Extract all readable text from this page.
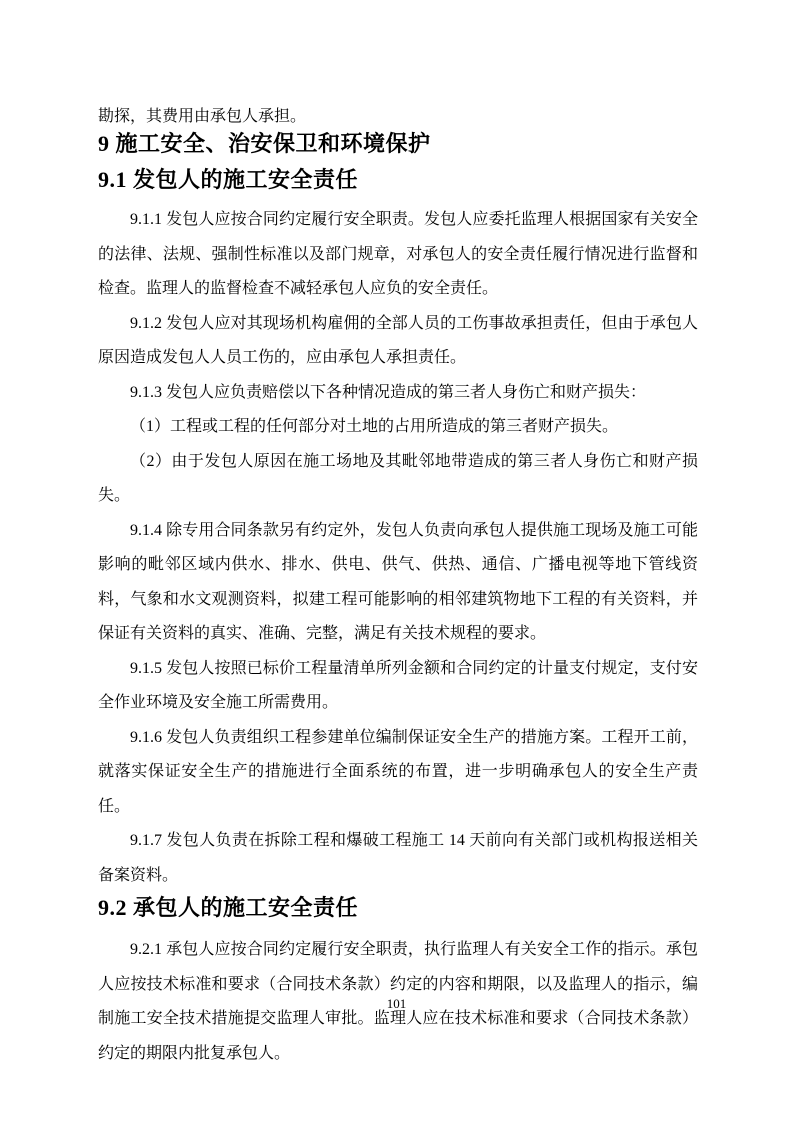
勘探，其费用由承包人承担。

9 施工安全、治安保卫和环境保护
9.1 发包人的施工安全责任

9.1.1 发包人应按合同约定履行安全职责。发包人应委托监理人根据国家有关安全的法律、法规、强制性标准以及部门规章，对承包人的安全责任履行情况进行监督和检查。监理人的监督检查不减轻承包人应负的安全责任。

9.1.2 发包人应对其现场机构雇佣的全部人员的工伤事故承担责任，但由于承包人原因造成发包人人员工伤的，应由承包人承担责任。

9.1.3 发包人应负责赔偿以下各种情况造成的第三者人身伤亡和财产损失：

（1）工程或工程的任何部分对土地的占用所造成的第三者财产损失。

（2）由于发包人原因在施工场地及其毗邻地带造成的第三者人身伤亡和财产损失。

9.1.4 除专用合同条款另有约定外，发包人负责向承包人提供施工现场及施工可能影响的毗邻区域内供水、排水、供电、供气、供热、通信、广播电视等地下管线资料，气象和水文观测资料，拟建工程可能影响的相邻建筑物地下工程的有关资料，并保证有关资料的真实、准确、完整，满足有关技术规程的要求。

9.1.5 发包人按照已标价工程量清单所列金额和合同约定的计量支付规定，支付安全作业环境及安全施工所需费用。

9.1.6 发包人负责组织工程参建单位编制保证安全生产的措施方案。工程开工前，就落实保证安全生产的措施进行全面系统的布置，进一步明确承包人的安全生产责任。

9.1.7 发包人负责在拆除工程和爆破工程施工 14 天前向有关部门或机构报送相关备案资料。

9.2 承包人的施工安全责任

9.2.1 承包人应按合同约定履行安全职责，执行监理人有关安全工作的指示。承包人应按技术标准和要求（合同技术条款）约定的内容和期限，以及监理人的指示，编制施工安全技术措施提交监理人审批。监理人应在技术标准和要求（合同技术条款）约定的期限内批复承包人。

101
